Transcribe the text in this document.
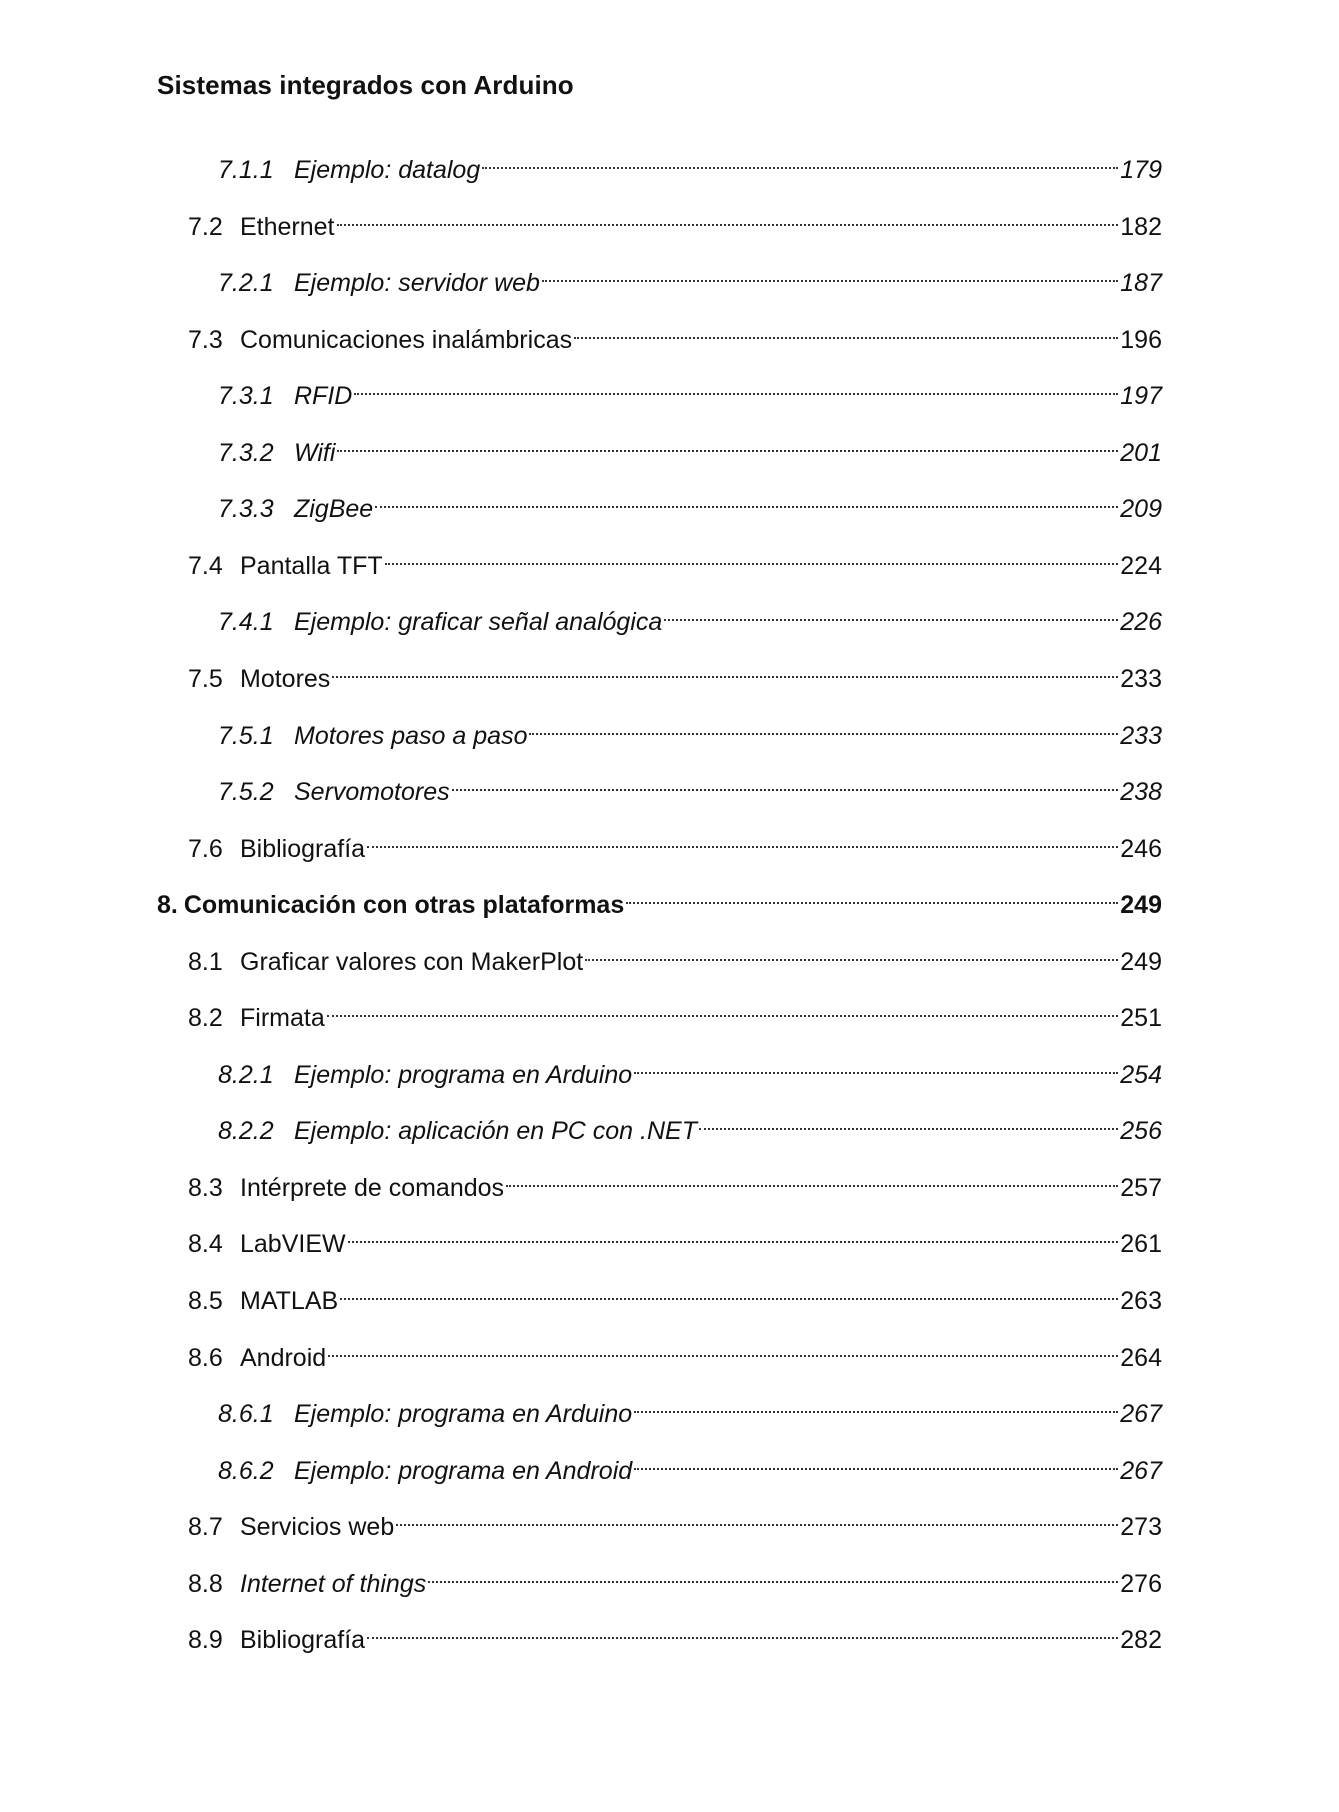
Sistemas integrados con Arduino
7.1.1 Ejemplo: datalog	179
7.2 Ethernet	182
7.2.1 Ejemplo: servidor web	187
7.3 Comunicaciones inalámbricas	196
7.3.1 RFID	197
7.3.2 Wifi	201
7.3.3 ZigBee	209
7.4 Pantalla TFT	224
7.4.1 Ejemplo: graficar señal analógica	226
7.5 Motores	233
7.5.1 Motores paso a paso	233
7.5.2 Servomotores	238
7.6 Bibliografía	246
8. Comunicación con otras plataformas	249
8.1 Graficar valores con MakerPlot	249
8.2 Firmata	251
8.2.1 Ejemplo: programa en Arduino	254
8.2.2 Ejemplo: aplicación en PC con .NET	256
8.3 Intérprete de comandos	257
8.4 LabVIEW	261
8.5 MATLAB	263
8.6 Android	264
8.6.1 Ejemplo: programa en Arduino	267
8.6.2 Ejemplo: programa en Android	267
8.7 Servicios web	273
8.8 Internet of things	276
8.9 Bibliografía	282
